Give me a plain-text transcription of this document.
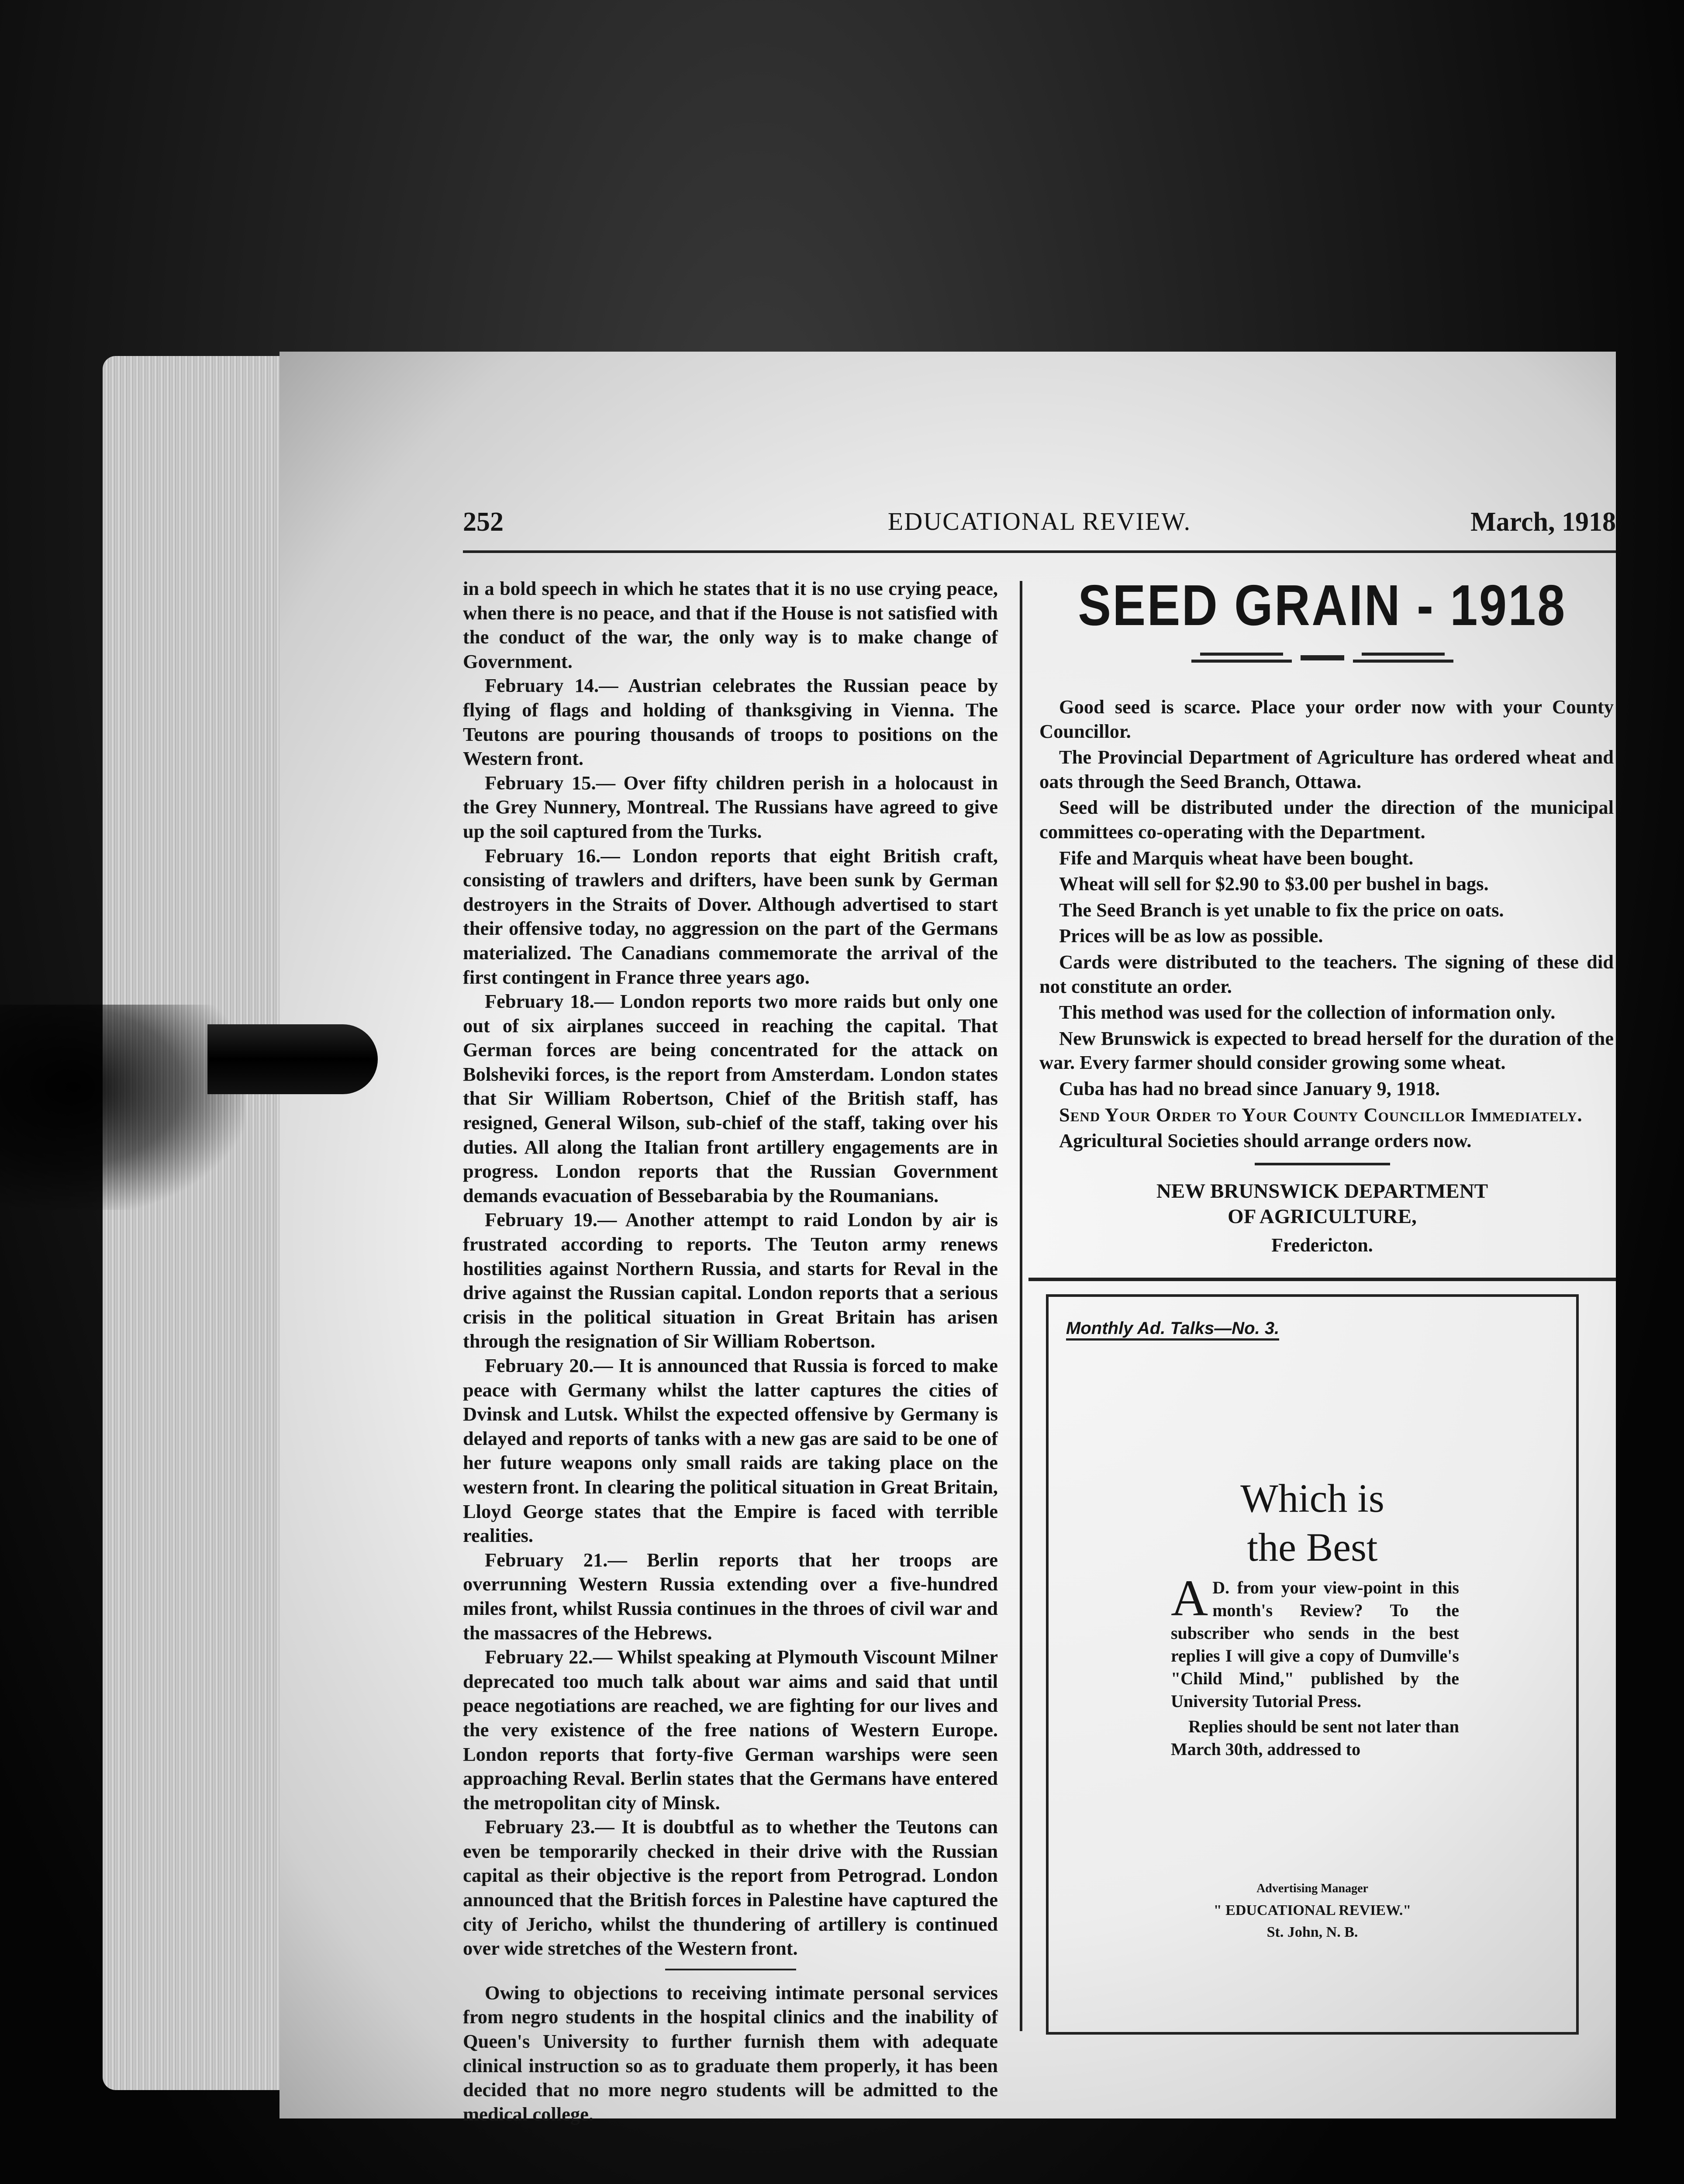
252	EDUCATIONAL REVIEW.	March, 1918

in a bold speech in which he states that it is no use crying peace, when there is no peace, and that if the House is not satisfied with the conduct of the war, the only way is to make change of Government.

February 14.— Austrian celebrates the Russian peace by flying of flags and holding of thanksgiving in Vienna. The Teutons are pouring thousands of troops to positions on the Western front.

February 15.— Over fifty children perish in a holocaust in the Grey Nunnery, Montreal. The Russians have agreed to give up the soil captured from the Turks.

February 16.— London reports that eight British craft, consisting of trawlers and drifters, have been sunk by German destroyers in the Straits of Dover. Although advertised to start their offensive today, no aggression on the part of the Germans materialized. The Canadians commemorate the arrival of the first contingent in France three years ago.

February 18.— London reports two more raids but only one out of six airplanes succeed in reaching the capital. That German forces are being concentrated for the attack on Bolsheviki forces, is the report from Amsterdam. London states that Sir William Robertson, Chief of the British staff, has resigned, General Wilson, sub-chief of the staff, taking over his duties. All along the Italian front artillery engagements are in progress. London reports that the Russian Government demands evacuation of Bessebarabia by the Roumanians.

February 19.— Another attempt to raid London by air is frustrated according to reports. The Teuton army renews hostilities against Northern Russia, and starts for Reval in the drive against the Russian capital. London reports that a serious crisis in the political situation in Great Britain has arisen through the resignation of Sir William Robertson.

February 20.— It is announced that Russia is forced to make peace with Germany whilst the latter captures the cities of Dvinsk and Lutsk. Whilst the expected offensive by Germany is delayed and reports of tanks with a new gas are said to be one of her future weapons only small raids are taking place on the western front. In clearing the political situation in Great Britain, Lloyd George states that the Empire is faced with terrible realities.

February 21.— Berlin reports that her troops are overrunning Western Russia extending over a five-hundred miles front, whilst Russia continues in the throes of civil war and the massacres of the Hebrews.

February 22.— Whilst speaking at Plymouth Viscount Milner deprecated too much talk about war aims and said that until peace negotiations are reached, we are fighting for our lives and the very existence of the free nations of Western Europe. London reports that forty-five German warships were seen approaching Reval. Berlin states that the Germans have entered the metropolitan city of Minsk.

February 23.— It is doubtful as to whether the Teutons can even be temporarily checked in their drive with the Russian capital as their objective is the report from Petrograd. London announced that the British forces in Palestine have captured the city of Jericho, whilst the thundering of artillery is continued over wide stretches of the Western front.

Owing to objections to receiving intimate personal services from negro students in the hospital clinics and the inability of Queen's University to further furnish them with adequate clinical instruction so as to graduate them properly, it has been decided that no more negro students will be admitted to the medical college.

SEED GRAIN - 1918

Good seed is scarce. Place your order now with your County Councillor.

The Provincial Department of Agriculture has ordered wheat and oats through the Seed Branch, Ottawa.

Seed will be distributed under the direction of the municipal committees co-operating with the Department.

Fife and Marquis wheat have been bought.

Wheat will sell for $2.90 to $3.00 per bushel in bags.

The Seed Branch is yet unable to fix the price on oats.

Prices will be as low as possible.

Cards were distributed to the teachers. The signing of these did not constitute an order.

This method was used for the collection of information only.

New Brunswick is expected to bread herself for the duration of the war. Every farmer should consider growing some wheat.

Cuba has had no bread since January 9, 1918.

Send Your Order to Your County Councillor Immediately.

Agricultural Societies should arrange orders now.

NEW BRUNSWICK DEPARTMENT
OF AGRICULTURE,
Fredericton.
Monthly Ad. Talks—No. 3.
Which is
the Best

A D. from your view-point in this month's Review? To the subscriber who sends in the best replies I will give a copy of Dumville's "Child Mind," published by the University Tutorial Press.

Replies should be sent not later than March 30th, addressed to

Advertising Manager
" EDUCATIONAL REVIEW."
St. John, N. B.
